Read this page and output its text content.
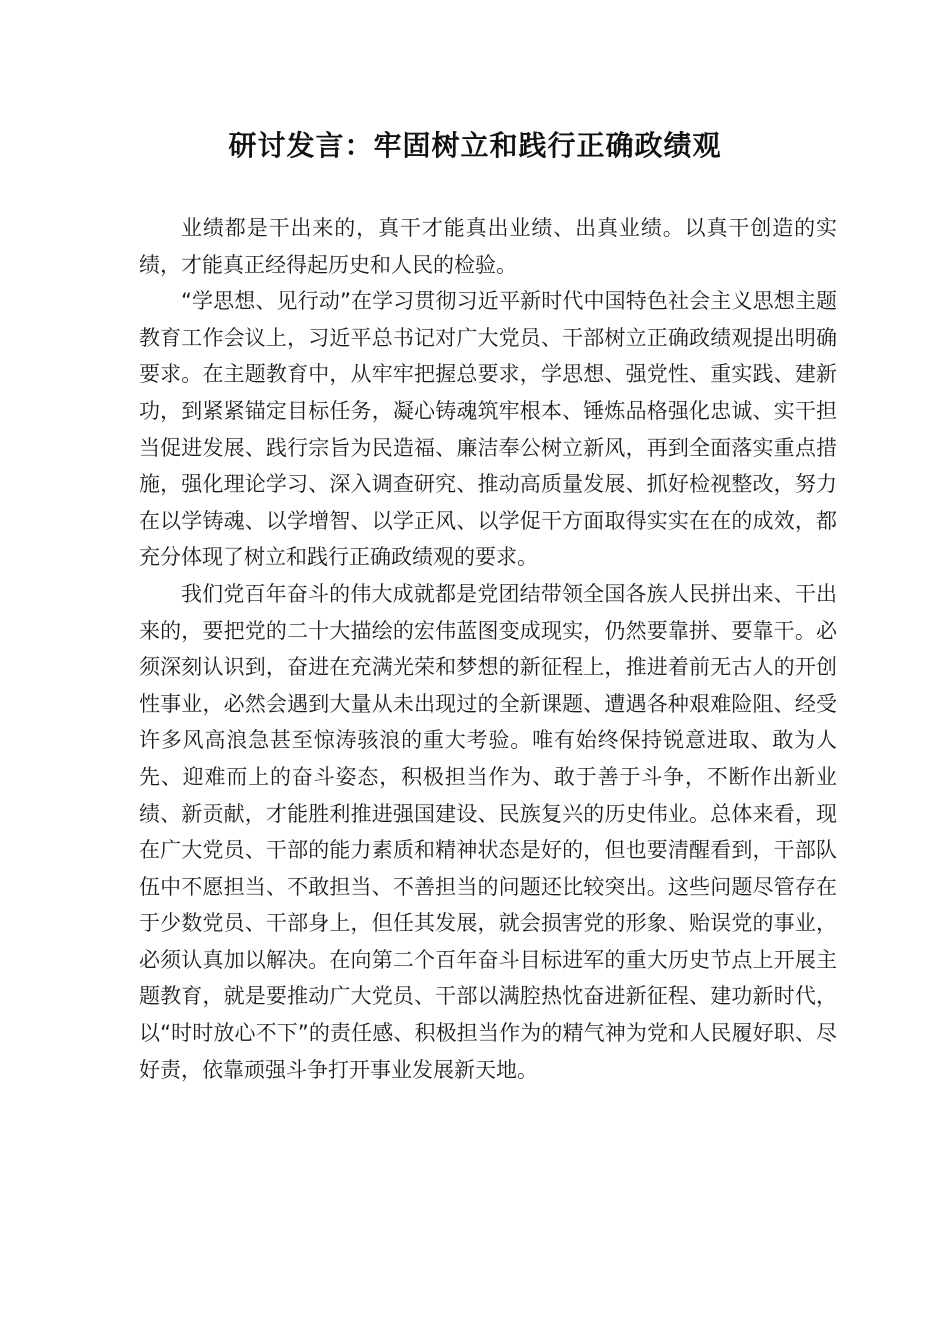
研讨发言：牢固树立和践行正确政绩观

业绩都是干出来的，真干才能真出业绩、出真业绩。以真干创造的实绩，才能真正经得起历史和人民的检验。

“学思想、见行动”在学习贯彻习近平新时代中国特色社会主义思想主题教育工作会议上，习近平总书记对广大党员、干部树立正确政绩观提出明确要求。在主题教育中，从牢牢把握总要求，学思想、强党性、重实践、建新功，到紧紧锚定目标任务，凝心铸魂筑牢根本、锤炼品格强化忠诚、实干担当促进发展、践行宗旨为民造福、廉洁奉公树立新风，再到全面落实重点措施，强化理论学习、深入调查研究、推动高质量发展、抓好检视整改，努力在以学铸魂、以学增智、以学正风、以学促干方面取得实实在在的成效，都充分体现了树立和践行正确政绩观的要求。

我们党百年奋斗的伟大成就都是党团结带领全国各族人民拼出来、干出来的，要把党的二十大描绘的宏伟蓝图变成现实，仍然要靠拼、要靠干。必须深刻认识到，奋进在充满光荣和梦想的新征程上，推进着前无古人的开创性事业，必然会遇到大量从未出现过的全新课题、遭遇各种艰难险阻、经受许多风高浪急甚至惊涛骇浪的重大考验。唯有始终保持锐意进取、敢为人先、迎难而上的奋斗姿态，积极担当作为、敢于善于斗争，不断作出新业绩、新贡献，才能胜利推进强国建设、民族复兴的历史伟业。总体来看，现在广大党员、干部的能力素质和精神状态是好的，但也要清醒看到，干部队伍中不愿担当、不敢担当、不善担当的问题还比较突出。这些问题尽管存在于少数党员、干部身上，但任其发展，就会损害党的形象、贻误党的事业，必须认真加以解决。在向第二个百年奋斗目标进军的重大历史节点上开展主题教育，就是要推动广大党员、干部以满腔热忱奋进新征程、建功新时代，以“时时放心不下”的责任感、积极担当作为的精气神为党和人民履好职、尽好责，依靠顽强斗争打开事业发展新天地。
